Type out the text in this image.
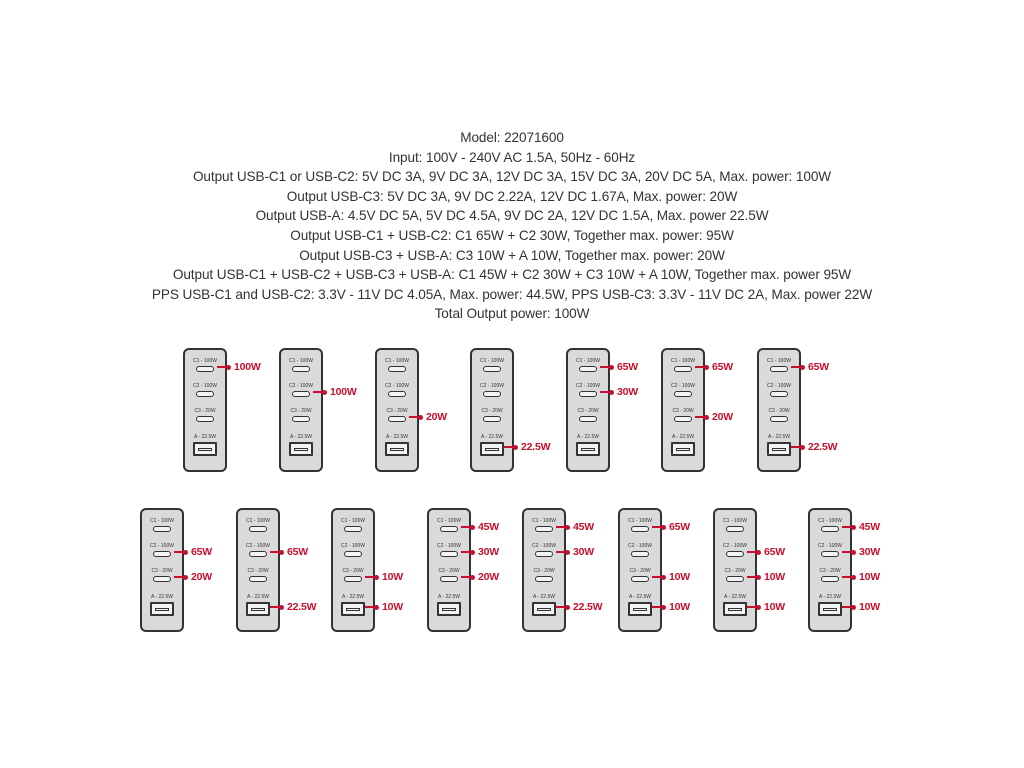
Model: 22071600
Input: 100V - 240V AC 1.5A, 50Hz - 60Hz
Output USB-C1 or USB-C2: 5V DC 3A, 9V DC 3A, 12V DC 3A, 15V DC 3A, 20V DC 5A, Max. power: 100W
Output USB-C3: 5V DC 3A, 9V DC 2.22A, 12V DC 1.67A, Max. power: 20W
Output USB-A: 4.5V DC 5A, 5V DC 4.5A, 9V DC 2A, 12V DC 1.5A, Max. power 22.5W
Output USB-C1 + USB-C2: C1 65W + C2 30W, Together max. power: 95W
Output USB-C3 + USB-A: C3 10W + A 10W, Together max. power: 20W
Output USB-C1 + USB-C2 + USB-C3 + USB-A: C1 45W + C2 30W + C3 10W + A 10W, Together max. power 95W
PPS USB-C1 and USB-C2: 3.3V - 11V DC 4.05A, Max. power: 44.5W, PPS USB-C3: 3.3V - 11V DC 2A, Max. power 22W
Total Output power: 100W
C1 - 100W
C2 - 100W
C3 - 20W
A - 22.5W
C1 - 100W
C2 - 100W
C3 - 20W
A - 22.5W
C1 - 100W
C2 - 100W
C3 - 20W
A - 22.5W
C1 - 100W
C2 - 100W
C3 - 20W
A - 22.5W
C1 - 100W
C2 - 100W
C3 - 20W
A - 22.5W
C1 - 100W
C2 - 100W
C3 - 20W
A - 22.5W
C1 - 100W
C2 - 100W
C3 - 20W
A - 22.5W
C1 - 100W
C2 - 100W
C3 - 20W
A - 22.5W
C1 - 100W
C2 - 100W
C3 - 20W
A - 22.5W
C1 - 100W
C2 - 100W
C3 - 20W
A - 22.5W
C1 - 100W
C2 - 100W
C3 - 20W
A - 22.5W
C1 - 100W
C2 - 100W
C3 - 20W
A - 22.5W
C1 - 100W
C2 - 100W
C3 - 20W
A - 22.5W
C1 - 100W
C2 - 100W
C3 - 20W
A - 22.5W
C1 - 100W
C2 - 100W
C3 - 20W
A - 22.5W
100W
100W
20W
22.5W
65W
30W
65W
20W
65W
22.5W
65W
20W
65W
22.5W
10W
10W
45W
30W
20W
45W
30W
22.5W
65W
10W
10W
65W
10W
10W
45W
30W
10W
10W
